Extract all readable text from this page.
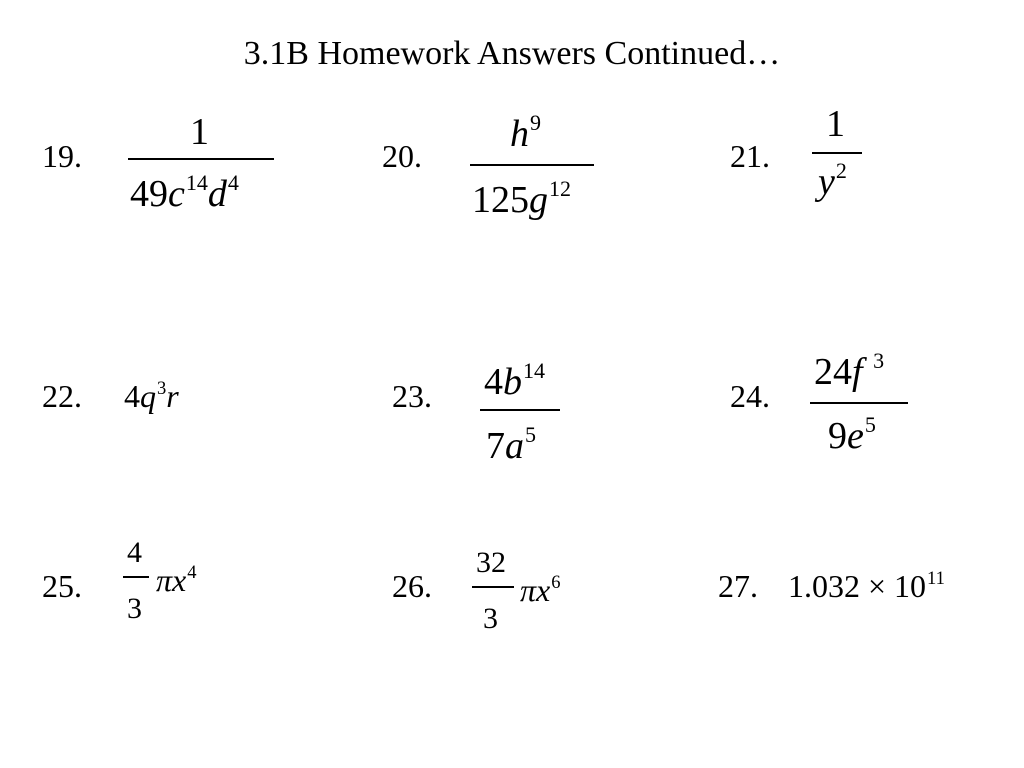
3.1B Homework Answers Continued…
19.
1
$49c^{14}d^4$
20.
$h^9$
$125g^{12}$
21.
1
$y^2$
22. $4q^3r$	23. $4b^{14}$
$7a^5$
24.
24f $^3$
$9e^5$
25.
4
3
$\pi x^4$	26.
32
3
$\pi x^6$	27. $1.032 \times 10^{11}$
